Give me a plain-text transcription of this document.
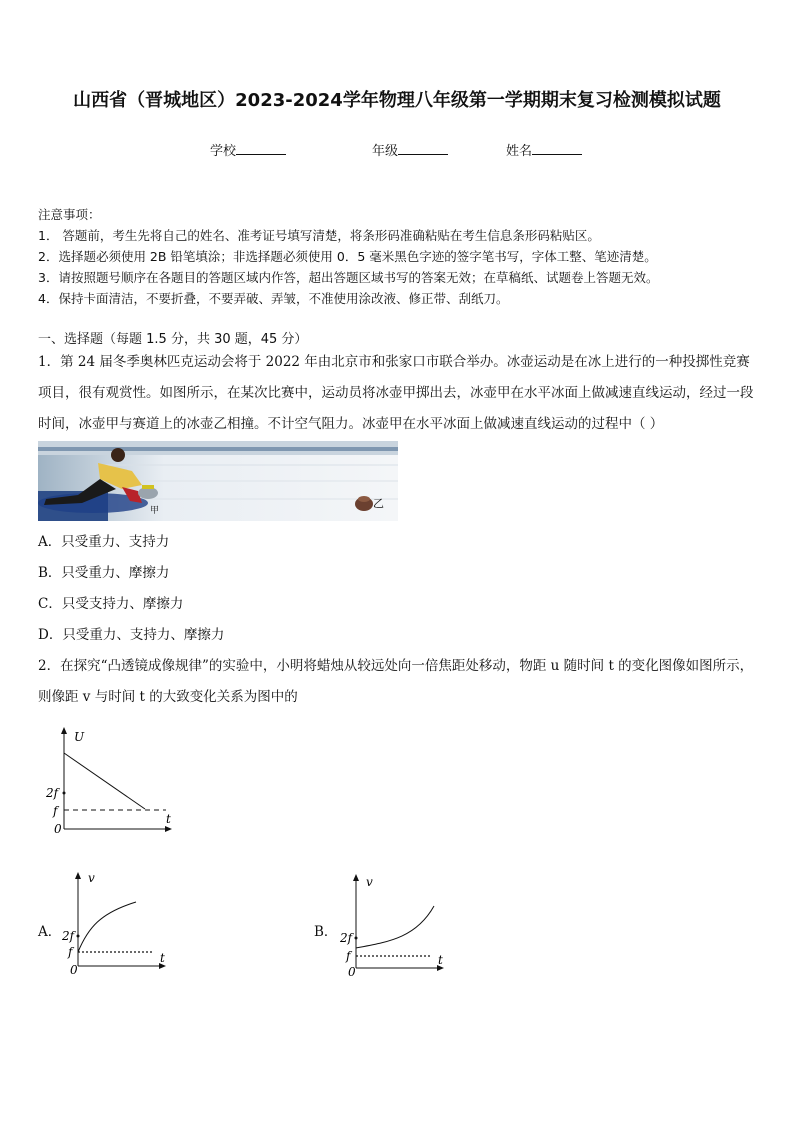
山西省（晋城地区）2023-2024学年物理八年级第一学期期末复习检测模拟试题
学校	年级	姓名
注意事项：
1． 答题前，考生先将自己的姓名、准考证号填写清楚，将条形码准确粘贴在考生信息条形码粘贴区。
2．选择题必须使用 2B 铅笔填涂；非选择题必须使用 0．5 毫米黑色字迹的签字笔书写，字体工整、笔迹清楚。
3．请按照题号顺序在各题目的答题区域内作答，超出答题区域书写的答案无效；在草稿纸、试题卷上答题无效。
4．保持卡面清洁，不要折叠，不要弄破、弄皱，不准使用涂改液、修正带、刮纸刀。
一、选择题（每题 1.5 分，共 30 题，45 分）
1．第 24 届冬季奥林匹克运动会将于 2022 年由北京市和张家口市联合举办。冰壶运动是在冰上进行的一种投掷性竞赛项目，很有观赏性。如图所示，在某次比赛中，运动员将冰壶甲掷出去，冰壶甲在水平冰面上做减速直线运动，经过一段时间，冰壶甲与赛道上的冰壶乙相撞。不计空气阻力。冰壶甲在水平冰面上做减速直线运动的过程中（ ）
乙
甲
A．只受重力、支持力
B．只受重力、摩擦力
C．只受支持力、摩擦力
D．只受重力、支持力、摩擦力
2．在探究“凸透镜成像规律”的实验中，小明将蜡烛从较远处向一倍焦距处移动，物距 u 随时间 t 的变化图像如图所示，则像距 v 与时间 t 的大致变化关系为图中的
U
t
2f
f
0
A．
v
t
2f
f
0
B．
v
t
2f
f
0
